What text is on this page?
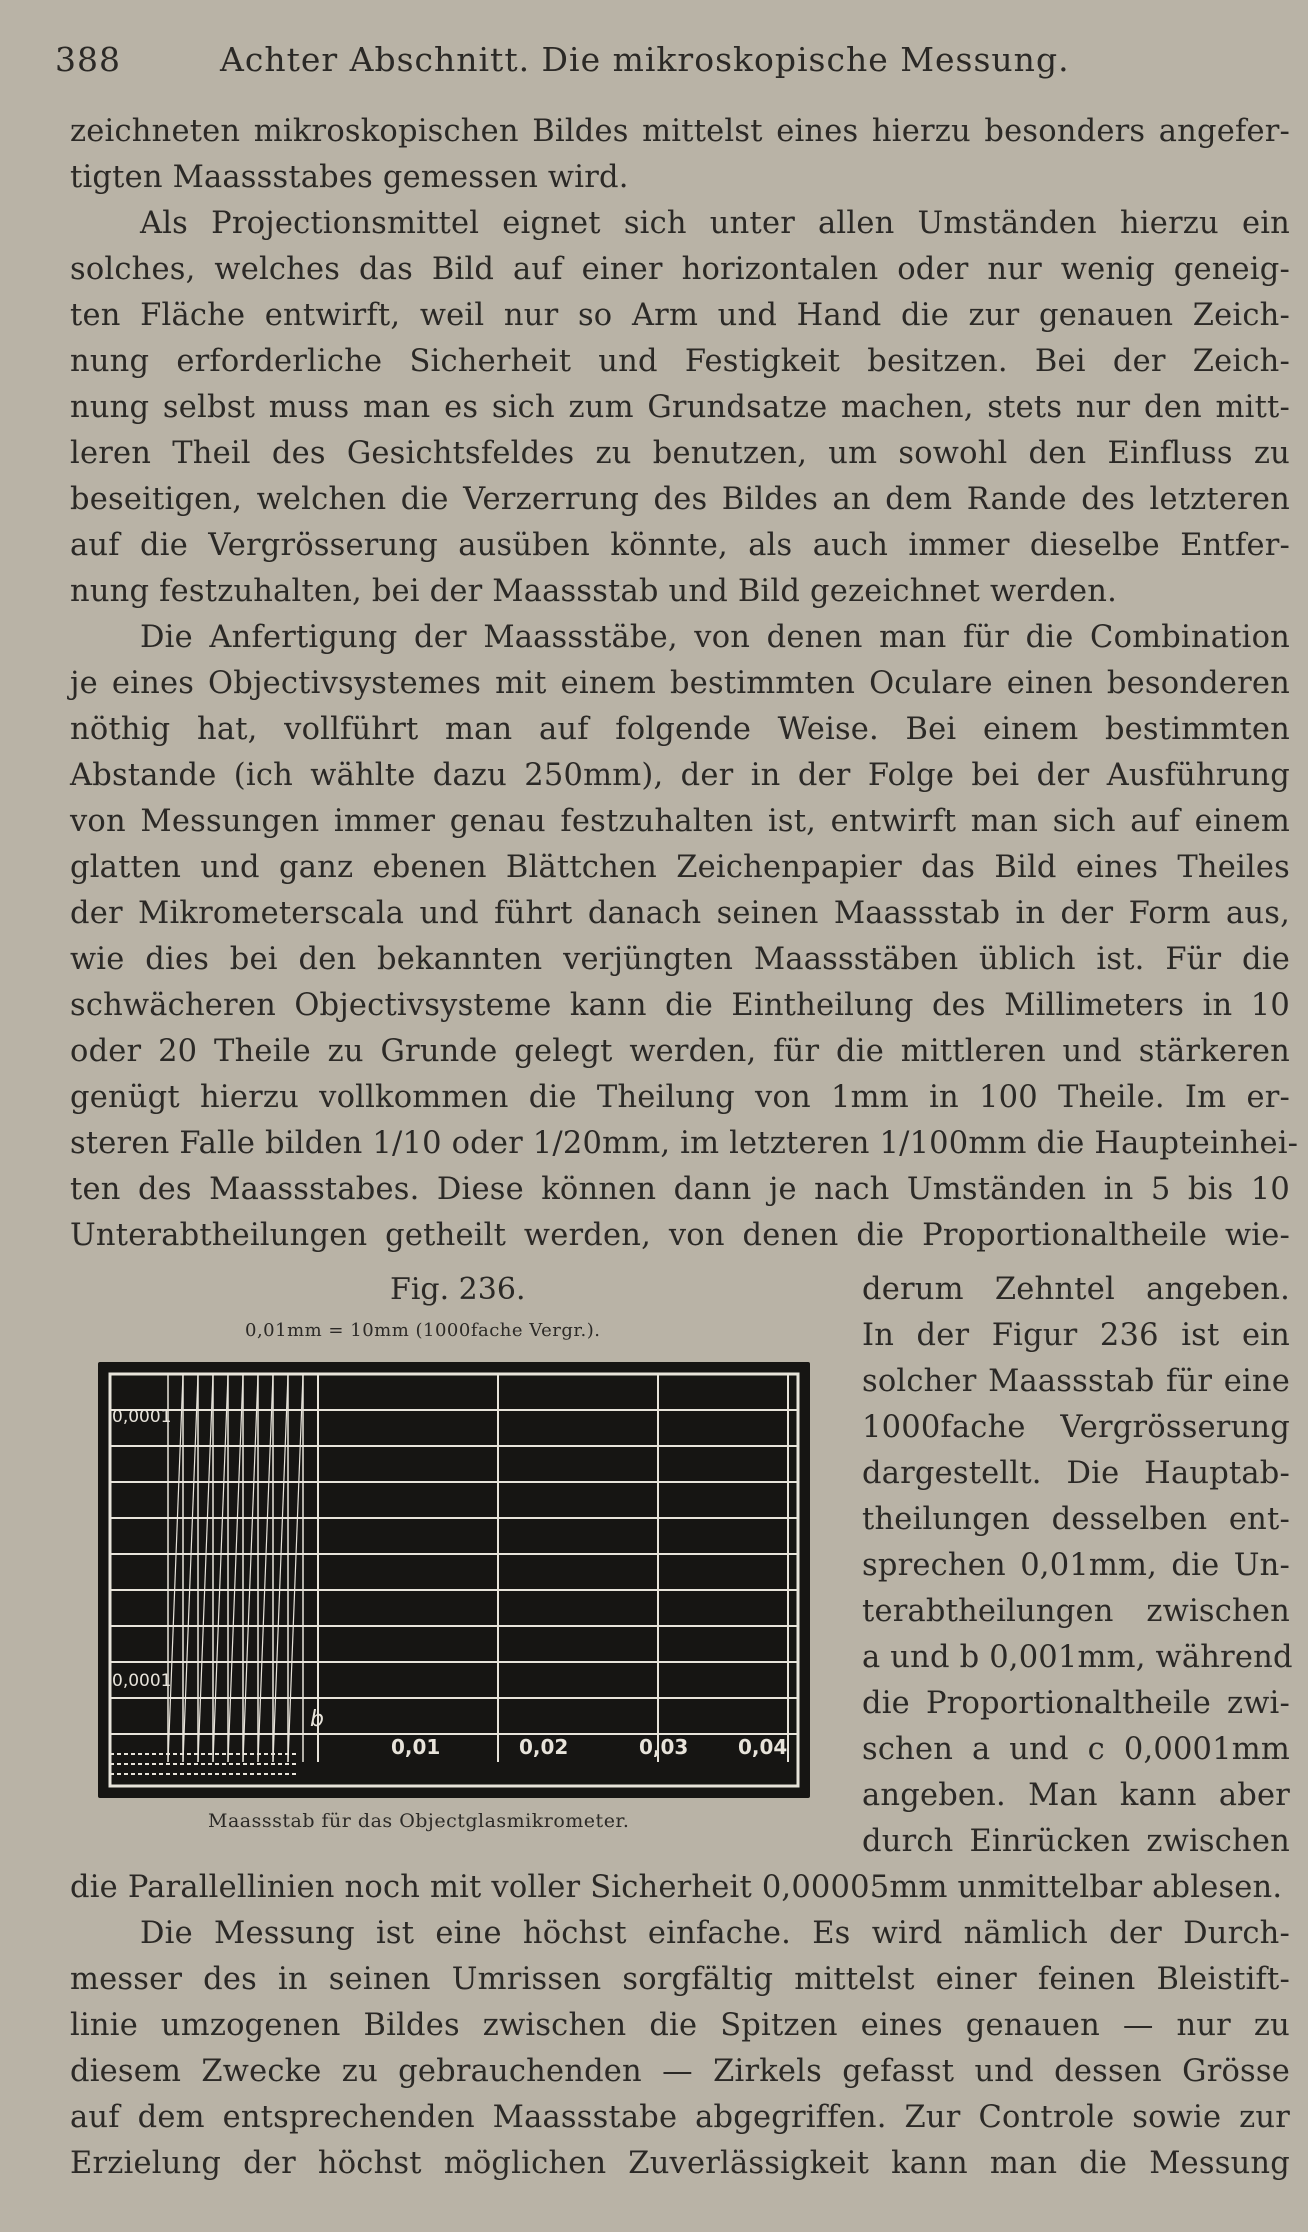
388	Achter Abschnitt. Die mikroskopische Messung.
zeichneten mikroskopischen Bildes mittelst eines hierzu besonders angefer-
tigten Maassstabes gemessen wird.
Als Projectionsmittel eignet sich unter allen Umständen hierzu ein
solches, welches das Bild auf einer horizontalen oder nur wenig geneig-
ten Fläche entwirft, weil nur so Arm und Hand die zur genauen Zeich-
nung erforderliche Sicherheit und Festigkeit besitzen. Bei der Zeich-
nung selbst muss man es sich zum Grundsatze machen, stets nur den mitt-
leren Theil des Gesichtsfeldes zu benutzen, um sowohl den Einfluss zu
beseitigen, welchen die Verzerrung des Bildes an dem Rande des letzteren
auf die Vergrösserung ausüben könnte, als auch immer dieselbe Entfer-
nung festzuhalten, bei der Maassstab und Bild gezeichnet werden.
Die Anfertigung der Maassstäbe, von denen man für die Combination
je eines Objectivsystemes mit einem bestimmten Oculare einen besonderen
nöthig hat, vollführt man auf folgende Weise. Bei einem bestimmten
Abstande (ich wählte dazu 250mm), der in der Folge bei der Ausführung
von Messungen immer genau festzuhalten ist, entwirft man sich auf einem
glatten und ganz ebenen Blättchen Zeichenpapier das Bild eines Theiles
der Mikrometerscala und führt danach seinen Maassstab in der Form aus,
wie dies bei den bekannten verjüngten Maassstäben üblich ist. Für die
schwächeren Objectivsysteme kann die Eintheilung des Millimeters in 10
oder 20 Theile zu Grunde gelegt werden, für die mittleren und stärkeren
genügt hierzu vollkommen die Theilung von 1mm in 100 Theile. Im er-
steren Falle bilden 1/10 oder 1/20mm, im letzteren 1/100mm die Haupteinhei-
ten des Maassstabes. Diese können dann je nach Umständen in 5 bis 10
Unterabtheilungen getheilt werden, von denen die Proportionaltheile wie-
Fig. 236.
0,01mm = 10mm (1000fache Vergr.).
0,0001
0,0001
b
0,01	0,02	0,03 0,04
Maassstab für das Objectglasmikrometer.
derum Zehntel angeben.
In der Figur 236 ist ein
solcher Maassstab für eine
1000fache Vergrösserung
dargestellt. Die Hauptab-
theilungen desselben ent-
sprechen 0,01mm, die Un-
terabtheilungen zwischen
a und b 0,001mm, während
die Proportionaltheile zwi-
schen a und c 0,0001mm
angeben. Man kann aber
durch Einrücken zwischen
die Parallellinien noch mit voller Sicherheit 0,00005mm unmittelbar ablesen.
Die Messung ist eine höchst einfache. Es wird nämlich der Durch-
messer des in seinen Umrissen sorgfältig mittelst einer feinen Bleistift-
linie umzogenen Bildes zwischen die Spitzen eines genauen — nur zu
diesem Zwecke zu gebrauchenden — Zirkels gefasst und dessen Grösse
auf dem entsprechenden Maassstabe abgegriffen. Zur Controle sowie zur
Erzielung der höchst möglichen Zuverlässigkeit kann man die Messung
